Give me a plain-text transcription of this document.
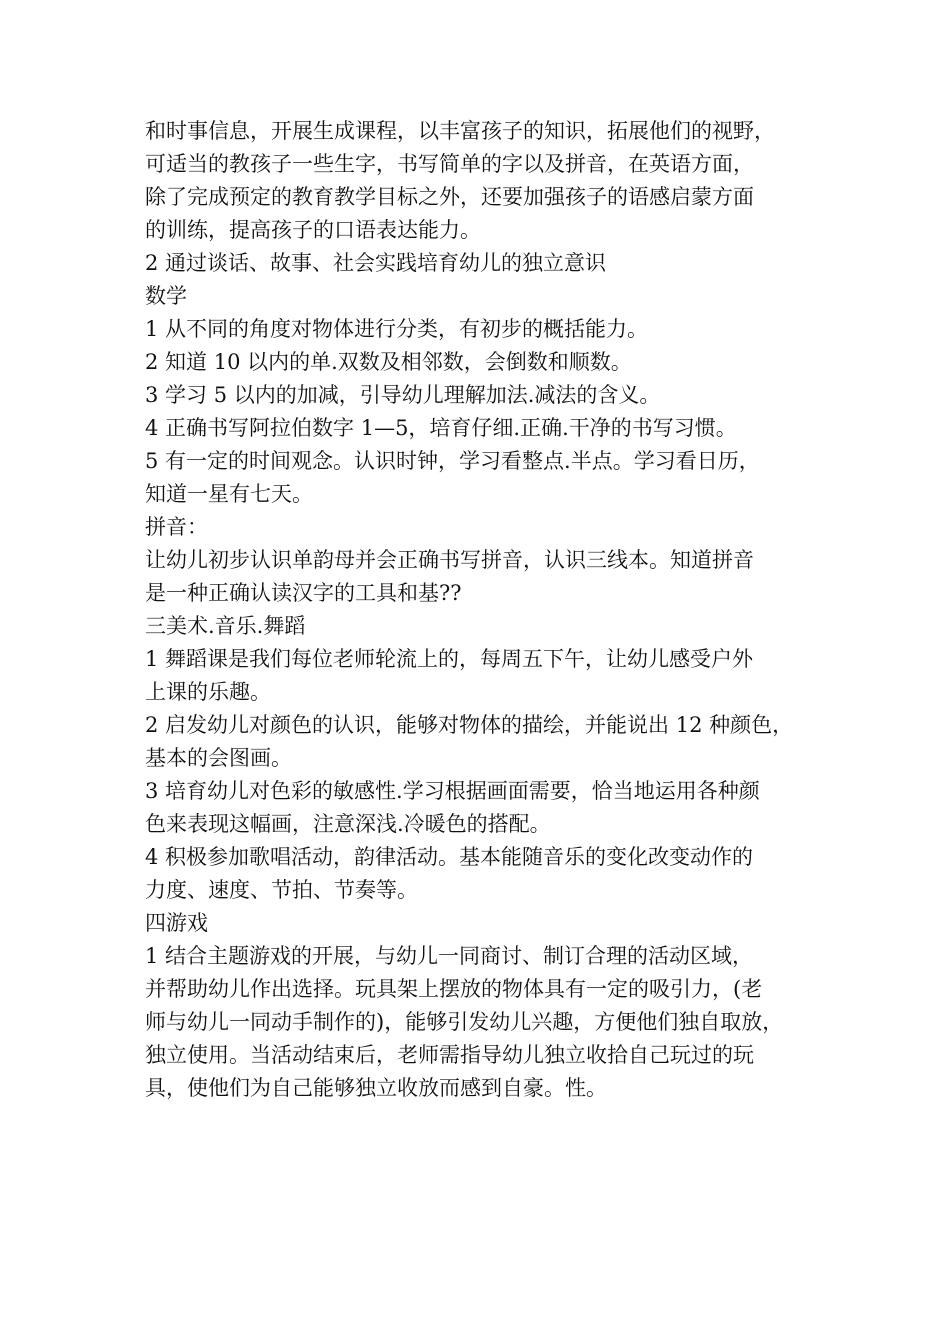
和时事信息，开展生成课程，以丰富孩子的知识，拓展他们的视野，
可适当的教孩子一些生字，书写简单的字以及拼音，在英语方面，
除了完成预定的教育教学目标之外，还要加强孩子的语感启蒙方面
的训练，提高孩子的口语表达能力。
2 通过谈话、故事、社会实践培育幼儿的独立意识
数学
1 从不同的角度对物体进行分类，有初步的概括能力。
2 知道 10 以内的单.双数及相邻数，会倒数和顺数。
3 学习 5 以内的加减，引导幼儿理解加法.减法的含义。
4 正确书写阿拉伯数字 1—5，培育仔细.正确.干净的书写习惯。
5 有一定的时间观念。认识时钟，学习看整点.半点。学习看日历，
知道一星有七天。
拼音：
让幼儿初步认识单韵母并会正确书写拼音，认识三线本。知道拼音
是一种正确认读汉字的工具和基??
三美术.音乐.舞蹈
1 舞蹈课是我们每位老师轮流上的，每周五下午，让幼儿感受户外
上课的乐趣。
2 启发幼儿对颜色的认识，能够对物体的描绘，并能说出 12 种颜色，
基本的会图画。
3 培育幼儿对色彩的敏感性.学习根据画面需要，恰当地运用各种颜
色来表现这幅画，注意深浅.冷暖色的搭配。
4 积极参加歌唱活动，韵律活动。基本能随音乐的变化改变动作的
力度、速度、节拍、节奏等。
四游戏
1 结合主题游戏的开展，与幼儿一同商讨、制订合理的活动区域，
并帮助幼儿作出选择。玩具架上摆放的物体具有一定的吸引力，(老
师与幼儿一同动手制作的)，能够引发幼儿兴趣，方便他们独自取放，
独立使用。当活动结束后，老师需指导幼儿独立收拾自己玩过的玩
具，使他们为自己能够独立收放而感到自豪。性。
